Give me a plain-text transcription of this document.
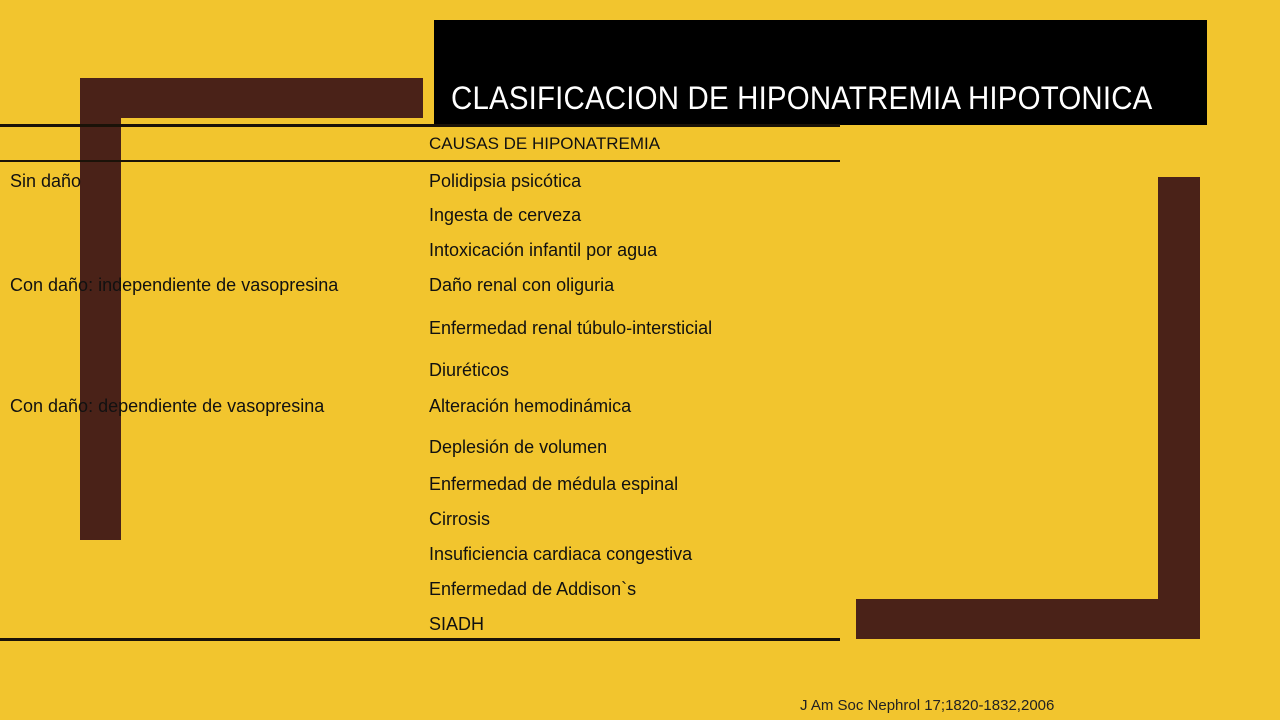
CLASIFICACION DE HIPONATREMIA HIPOTONICA
CAUSAS DE HIPONATREMIA
Sin daño	Polidipsia psicótica
Ingesta de cerveza
Intoxicación infantil por agua
Con daño: independiente de vasopresina	Daño renal con oliguria
Enfermedad renal túbulo-intersticial
Diuréticos
Con daño: dependiente de vasopresina	Alteración hemodinámica
Deplesión de volumen
Enfermedad de médula espinal
Cirrosis
Insuficiencia cardiaca congestiva
Enfermedad de Addison`s
SIADH
J Am Soc Nephrol 17;1820-1832,2006
